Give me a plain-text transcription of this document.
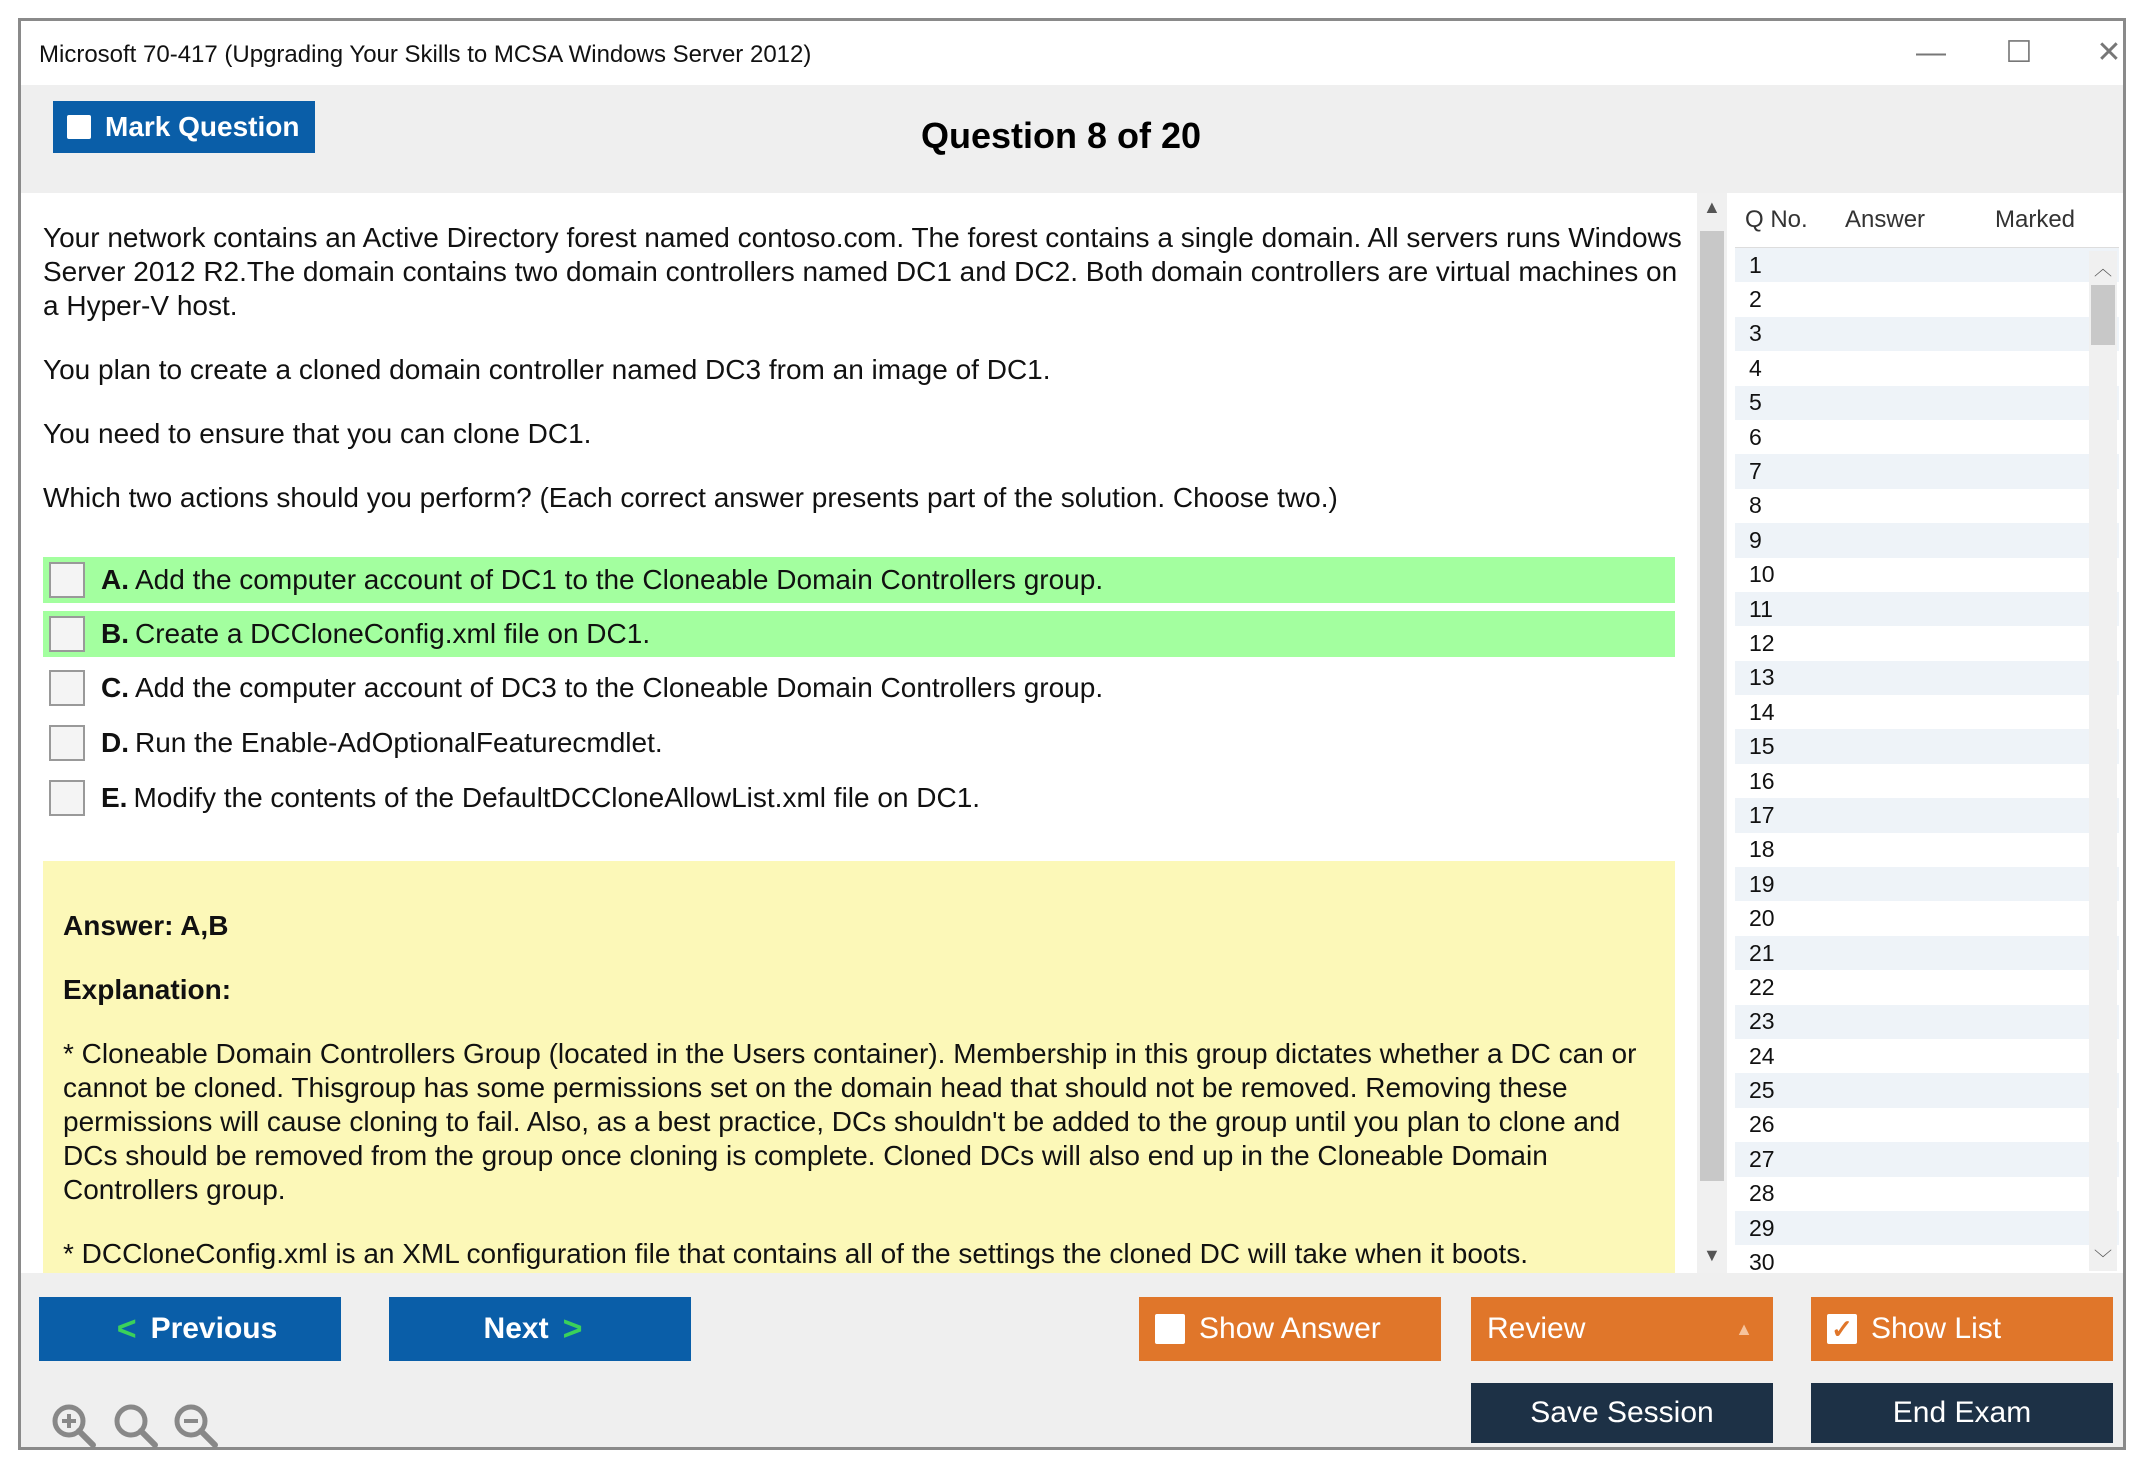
Microsoft 70-417 (Upgrading Your Skills to MCSA Windows Server 2012)	—	☐	✕
Mark Question	Question 8 of 20

Your network contains an Active Directory forest named contoso.com. The forest contains a single domain. All servers runs Windows Server 2012 R2.The domain contains two domain controllers named DC1 and DC2. Both domain controllers are virtual machines on a Hyper-V host.

You plan to create a cloned domain controller named DC3 from an image of DC1.

You need to ensure that you can clone DC1.

Which two actions should you perform? (Each correct answer presents part of the solution. Choose two.)

A. Add the computer account of DC1 to the Cloneable Domain Controllers group.
B. Create a DCCloneConfig.xml file on DC1.
C. Add the computer account of DC3 to the Cloneable Domain Controllers group.
D. Run the Enable-AdOptionalFeaturecmdlet.
E. Modify the contents of the DefaultDCCloneAllowList.xml file on DC1.

Answer: A,B

Explanation:

* Cloneable Domain Controllers Group (located in the Users container). Membership in this group dictates whether a DC can or cannot be cloned. Thisgroup has some permissions set on the domain head that should not be removed. Removing these permissions will cause cloning to fail. Also, as a best practice, DCs shouldn't be added to the group until you plan to clone and DCs should be removed from the group once cloning is complete. Cloned DCs will also end up in the Cloneable Domain Controllers group.

* DCCloneConfig.xml is an XML configuration file that contains all of the settings the cloned DC will take when it boots.

▲
▼
Q No.	Answer	Marked
1
2
3
4
5
6
7
8
9
10
11
12
13
14
15
16
17
18
19
20
21
22
23
24
25
26
27
28
29
30
︿
﹀
< Previous	Next >	Show Answer	Review	▲	✓ Show List
Save Session	End Exam
